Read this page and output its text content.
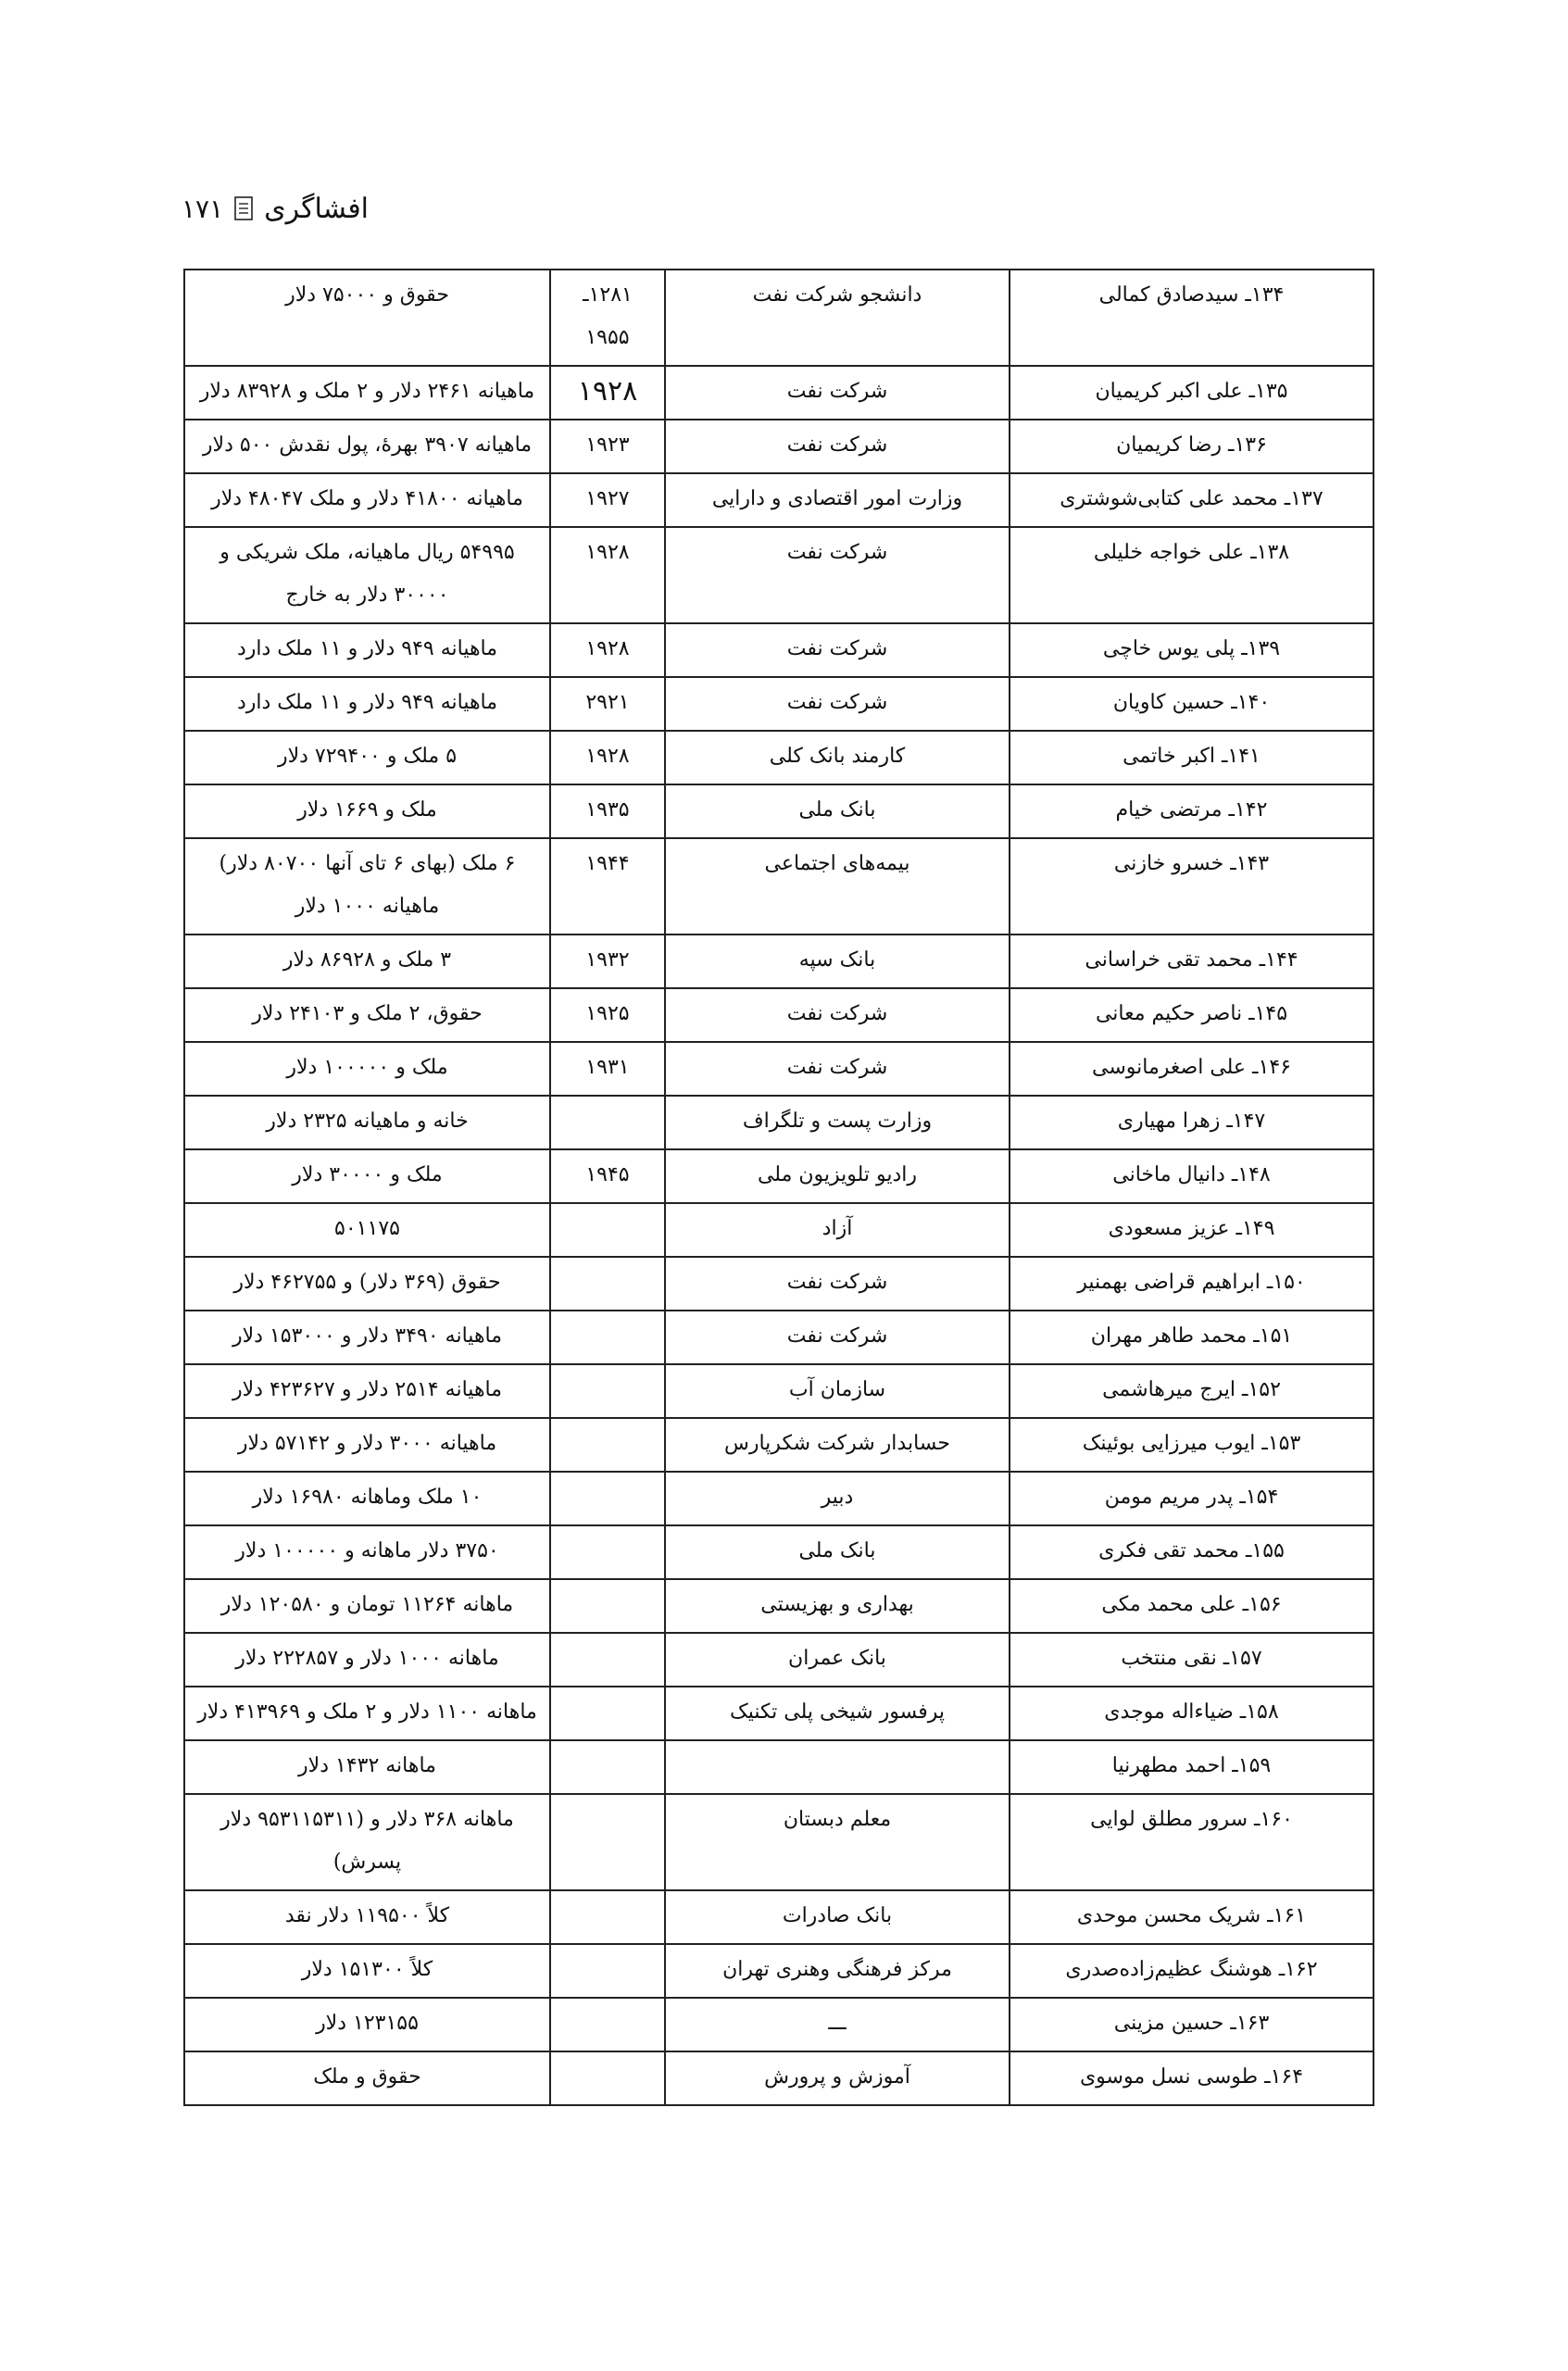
۱۷۱ افشاگری
۱۳۴ـ سیدصادق کمالی	دانشجو شرکت نفت	۱۲۸۱ـ ۱۹۵۵	حقوق و ۷۵۰۰۰ دلار
۱۳۵ـ علی اکبر کریمیان	شرکت نفت	۱۹۲۸	ماهیانه ۲۴۶۱ دلار و ۲ ملک و ۸۳۹۲۸ دلار
۱۳۶ـ رضا کریمیان	شرکت نفت	۱۹۲۳	ماهیانه ۳۹۰۷ بهرهٔ، پول نقدش ۵۰۰ دلار
۱۳۷ـ محمد علی کتابی‌شوشتری	وزارت امور اقتصادی و دارایی	۱۹۲۷	ماهیانه ۴۱۸۰۰ دلار و ملک ۴۸۰۴۷ دلار
۱۳۸ـ علی خواجه خلیلی	شرکت نفت	۱۹۲۸	۵۴۹۹۵ ریال ماهیانه، ملک شریکی و ۳۰۰۰۰ دلار به خارج
۱۳۹ـ پلی یوس خاچی	شرکت نفت	۱۹۲۸	ماهیانه ۹۴۹ دلار و ۱۱ ملک دارد
۱۴۰ـ حسین کاویان	شرکت نفت	۲۹۲۱	ماهیانه ۹۴۹ دلار و ۱۱ ملک دارد
۱۴۱ـ اکبر خاتمی	کارمند بانک کلی	۱۹۲۸	۵ ملک و ۷۲۹۴۰۰ دلار
۱۴۲ـ مرتضی خیام	بانک ملی	۱۹۳۵	ملک و ۱۶۶۹ دلار
۱۴۳ـ خسرو خازنی	بیمه‌های اجتماعی	۱۹۴۴	۶ ملک (بهای ۶ تای آنها ۸۰۷۰۰ دلار) ماهیانه ۱۰۰۰ دلار
۱۴۴ـ محمد تقی خراسانی	بانک سپه	۱۹۳۲	۳ ملک و ۸۶۹۲۸ دلار
۱۴۵ـ ناصر حکیم معانی	شرکت نفت	۱۹۲۵	حقوق، ۲ ملک و ۲۴۱۰۳ دلار
۱۴۶ـ علی اصغرمانوسی	شرکت نفت	۱۹۳۱	ملک و ۱۰۰۰۰۰ دلار
۱۴۷ـ زهرا مهیاری	وزارت پست و تلگراف		خانه و ماهیانه ۲۳۲۵ دلار
۱۴۸ـ دانیال ماخانی	رادیو تلویزیون ملی	۱۹۴۵	ملک و ۳۰۰۰۰ دلار
۱۴۹ـ عزیز مسعودی	آزاد		۵۰۱۱۷۵
۱۵۰ـ ابراهیم قراضی بهمنیر	شرکت نفت		حقوق (۳۶۹ دلار) و ۴۶۲۷۵۵ دلار
۱۵۱ـ محمد طاهر مهران	شرکت نفت		ماهیانه ۳۴۹۰ دلار و ۱۵۳۰۰۰ دلار
۱۵۲ـ ایرج میرهاشمی	سازمان آب		ماهیانه ۲۵۱۴ دلار و ۴۲۳۶۲۷ دلار
۱۵۳ـ ایوب میرزایی بوئینک	حسابدار شرکت شکرپارس		ماهیانه ۳۰۰۰ دلار و ۵۷۱۴۲ دلار
۱۵۴ـ پدر مریم مومن	دبیر		۱۰ ملک وماهانه ۱۶۹۸۰ دلار
۱۵۵ـ محمد تقی فکری	بانک ملی		۳۷۵۰ دلار ماهانه و ۱۰۰۰۰۰ دلار
۱۵۶ـ علی محمد مکی	بهداری و بهزیستی		ماهانه ۱۱۲۶۴ تومان و ۱۲۰۵۸۰ دلار
۱۵۷ـ نقی منتخب	بانک عمران		ماهانه ۱۰۰۰ دلار و ۲۲۲۸۵۷ دلار
۱۵۸ـ ضیاءاله موجدی	پرفسور شیخی پلی تکنیک		ماهانه ۱۱۰۰ دلار و ۲ ملک و ۴۱۳۹۶۹ دلار
۱۵۹ـ احمد مطهرنیا			ماهانه ۱۴۳۲ دلار
۱۶۰ـ سرور مطلق لوایی	معلم دبستان		ماهانه ۳۶۸ دلار و (۹۵۳۱۱۵۳۱۱ دلار پسرش)
۱۶۱ـ شریک محسن موحدی	بانک صادرات		کلاً ۱۱۹۵۰۰ دلار نقد
۱۶۲ـ هوشنگ عظیم‌زاده‌صدری	مرکز فرهنگی وهنری تهران		کلاً ۱۵۱۳۰۰ دلار
۱۶۳ـ حسین مزینی	ـــ		۱۲۳۱۵۵ دلار
۱۶۴ـ طوسی نسل موسوی	آموزش و پرورش		حقوق و ملک
